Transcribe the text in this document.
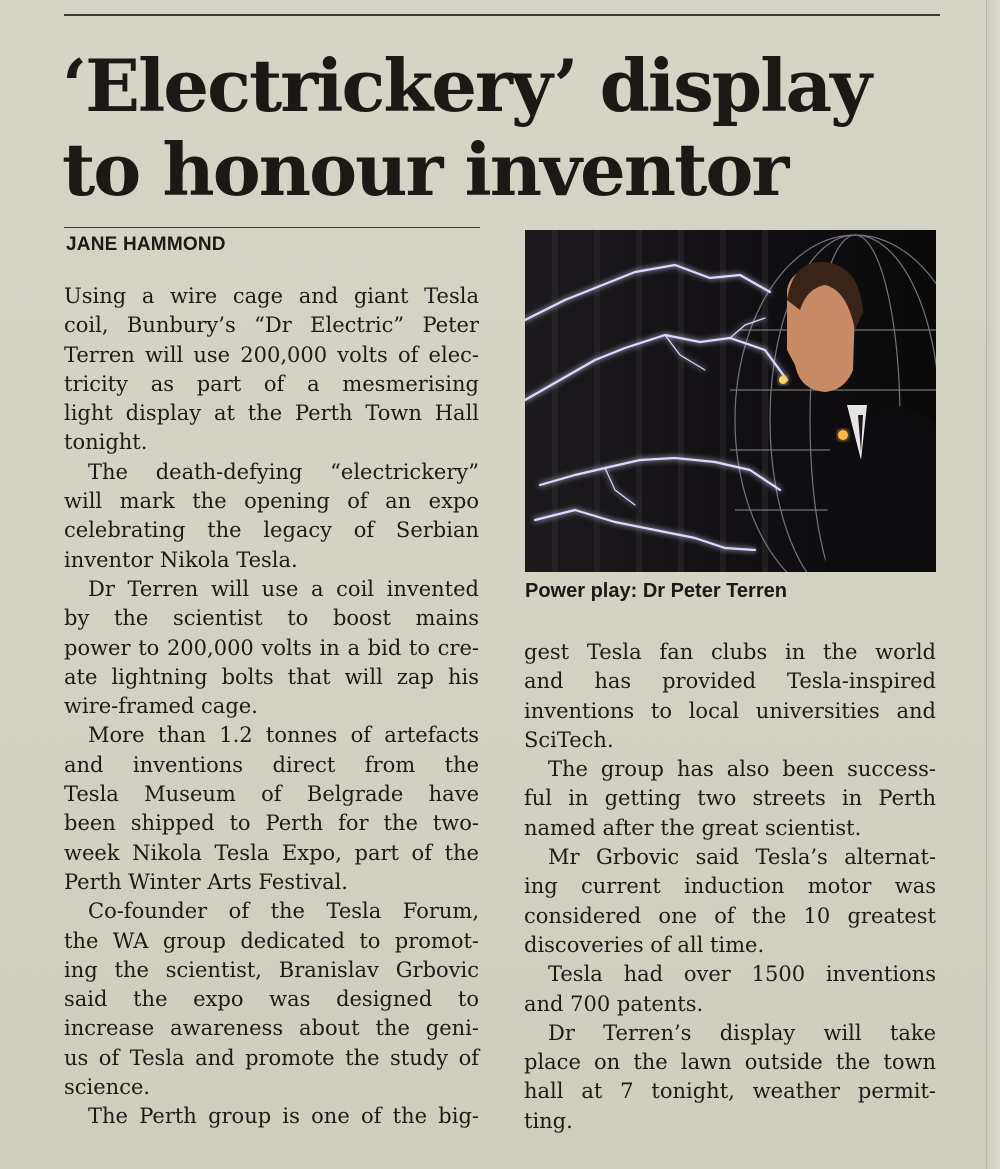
‘Electrickery’ display
to honour inventor
JANE HAMMOND
Using a wire cage and giant Tesla
coil, Bunbury’s “Dr Electric” Peter
Terren will use 200,000 volts of elec-
tricity as part of a mesmerising
light display at the Perth Town Hall
tonight.
The death-defying “electrickery”
will mark the opening of an expo
celebrating the legacy of Serbian
inventor Nikola Tesla.
Dr Terren will use a coil invented
by the scientist to boost mains
power to 200,000 volts in a bid to cre-
ate lightning bolts that will zap his
wire-framed cage.
More than 1.2 tonnes of artefacts
and inventions direct from the
Tesla Museum of Belgrade have
been shipped to Perth for the two-
week Nikola Tesla Expo, part of the
Perth Winter Arts Festival.
Co-founder of the Tesla Forum,
the WA group dedicated to promot-
ing the scientist, Branislav Grbovic
said the expo was designed to
increase awareness about the geni-
us of Tesla and promote the study of
science.
The Perth group is one of the big-
Power play: Dr Peter Terren
gest Tesla fan clubs in the world
and has provided Tesla-inspired
inventions to local universities and
SciTech.
The group has also been success-
ful in getting two streets in Perth
named after the great scientist.
Mr Grbovic said Tesla’s alternat-
ing current induction motor was
considered one of the 10 greatest
discoveries of all time.
Tesla had over 1500 inventions
and 700 patents.
Dr Terren’s display will take
place on the lawn outside the town
hall at 7 tonight, weather permit-
ting.
